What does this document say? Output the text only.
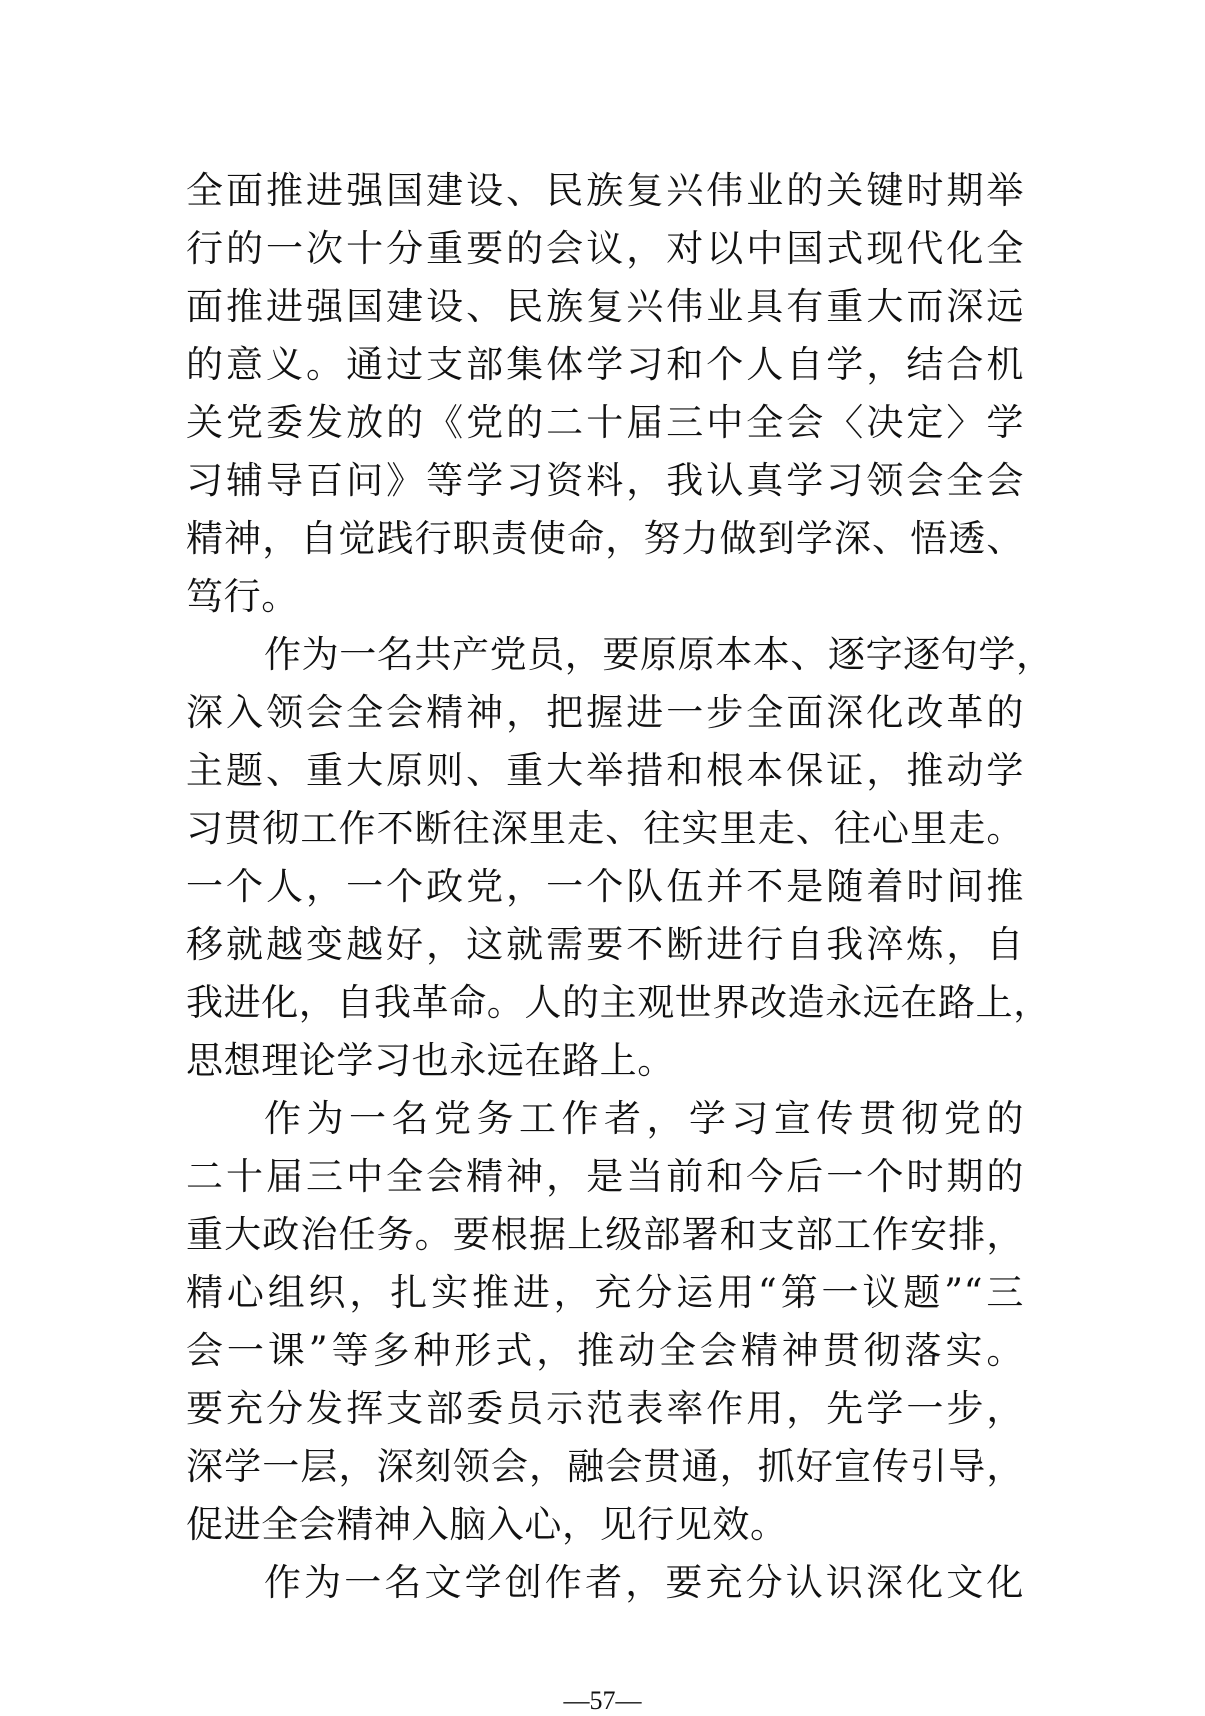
全面推进强国建设、民族复兴伟业的关键时期举
行的一次十分重要的会议，对以中国式现代化全
面推进强国建设、民族复兴伟业具有重大而深远
的意义。通过支部集体学习和个人自学，结合机
关党委发放的《党的二十届三中全会〈决定〉学
习辅导百问》等学习资料，我认真学习领会全会
精神，自觉践行职责使命，努力做到学深、悟透、
笃行。
作为一名共产党员，要原原本本、逐字逐句学，
深入领会全会精神，把握进一步全面深化改革的
主题、重大原则、重大举措和根本保证，推动学
习贯彻工作不断往深里走、往实里走、往心里走。
一个人，一个政党，一个队伍并不是随着时间推
移就越变越好，这就需要不断进行自我淬炼，自
我进化，自我革命。人的主观世界改造永远在路上，
思想理论学习也永远在路上。
作为一名党务工作者，学习宣传贯彻党的
二十届三中全会精神，是当前和今后一个时期的
重大政治任务。要根据上级部署和支部工作安排，
精心组织，扎实推进，充分运用“第一议题”“三
会一课”等多种形式，推动全会精神贯彻落实。
要充分发挥支部委员示范表率作用，先学一步，
深学一层，深刻领会，融会贯通，抓好宣传引导，
促进全会精神入脑入心，见行见效。
作为一名文学创作者，要充分认识深化文化
—57—
